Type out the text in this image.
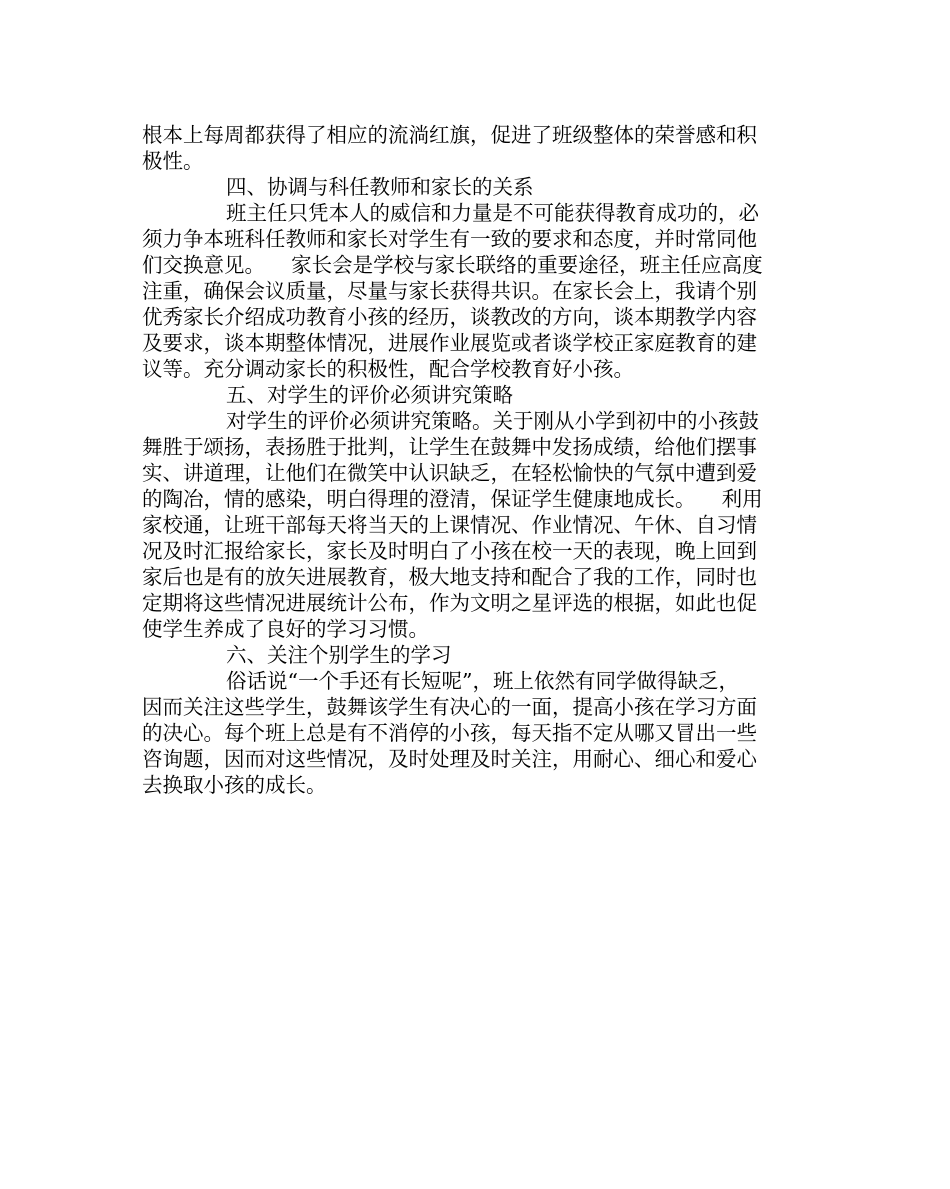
根本上每周都获得了相应的流淌红旗，促进了班级整体的荣誉感和积
极性。
四、协调与科任教师和家长的关系
班主任只凭本人的威信和力量是不可能获得教育成功的，必
须力争本班科任教师和家长对学生有一致的要求和态度，并时常同他
们交换意见。    家长会是学校与家长联络的重要途径，班主任应高度
注重，确保会议质量，尽量与家长获得共识。在家长会上，我请个别
优秀家长介绍成功教育小孩的经历，谈教改的方向，谈本期教学内容
及要求，谈本期整体情况，进展作业展览或者谈学校正家庭教育的建
议等。充分调动家长的积极性，配合学校教育好小孩。
五、对学生的评价必须讲究策略
对学生的评价必须讲究策略。关于刚从小学到初中的小孩鼓
舞胜于颂扬，表扬胜于批判，让学生在鼓舞中发扬成绩，给他们摆事
实、讲道理，让他们在微笑中认识缺乏，在轻松愉快的气氛中遭到爱
的陶冶，情的感染，明白得理的澄清，保证学生健康地成长。    利用
家校通，让班干部每天将当天的上课情况、作业情况、午休、自习情
况及时汇报给家长，家长及时明白了小孩在校一天的表现，晚上回到
家后也是有的放矢进展教育，极大地支持和配合了我的工作，同时也
定期将这些情况进展统计公布，作为文明之星评选的根据，如此也促
使学生养成了良好的学习习惯。
六、关注个别学生的学习
俗话说“一个手还有长短呢”，班上依然有同学做得缺乏，
因而关注这些学生，鼓舞该学生有决心的一面，提高小孩在学习方面
的决心。每个班上总是有不消停的小孩，每天指不定从哪又冒出一些
咨询题，因而对这些情况，及时处理及时关注，用耐心、细心和爱心
去换取小孩的成长。
